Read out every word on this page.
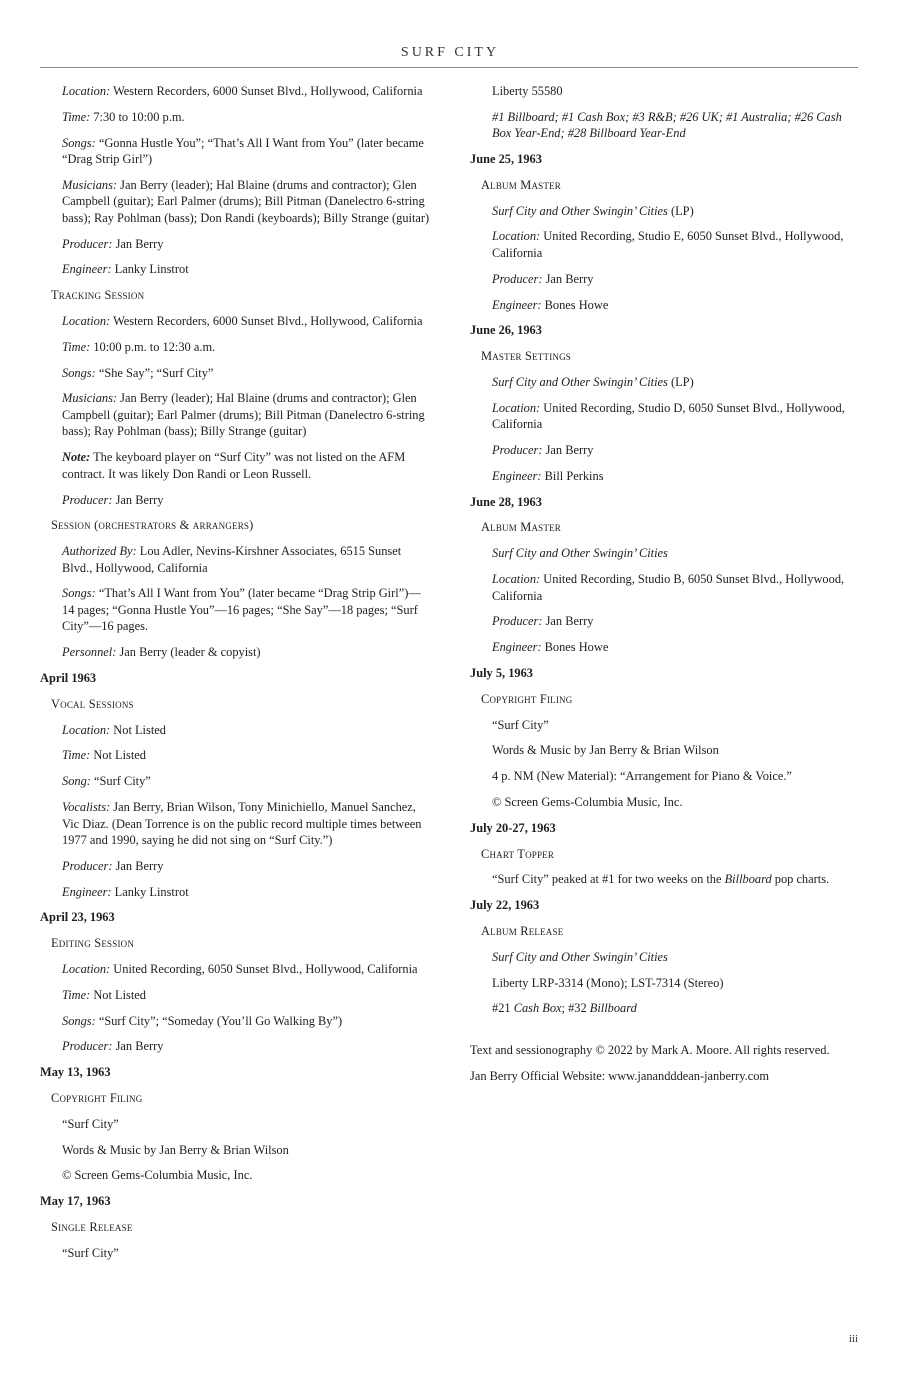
SURF CITY
Location: Western Recorders, 6000 Sunset Blvd., Hollywood, California
Time: 7:30 to 10:00 p.m.
Songs: “Gonna Hustle You”; “That’s All I Want from You” (later became “Drag Strip Girl”)
Musicians: Jan Berry (leader); Hal Blaine (drums and contractor); Glen Campbell (guitar); Earl Palmer (drums); Bill Pitman (Danelectro 6-string bass); Ray Pohlman (bass); Don Randi (keyboards); Billy Strange (guitar)
Producer: Jan Berry
Engineer: Lanky Linstrot
Tracking Session
Location: Western Recorders, 6000 Sunset Blvd., Hollywood, California
Time: 10:00 p.m. to 12:30 a.m.
Songs: “She Say”; “Surf City”
Musicians: Jan Berry (leader); Hal Blaine (drums and contractor); Glen Campbell (guitar); Earl Palmer (drums); Bill Pitman (Danelectro 6-string bass); Ray Pohlman (bass); Billy Strange (guitar)
Note: The keyboard player on “Surf City” was not listed on the AFM contract. It was likely Don Randi or Leon Russell.
Producer: Jan Berry
Session (orchestrators & arrangers)
Authorized By: Lou Adler, Nevins-Kirshner Associates, 6515 Sunset Blvd., Hollywood, California
Songs: “That’s All I Want from You” (later became “Drag Strip Girl”)—14 pages; “Gonna Hustle You”—16 pages; “She Say”—18 pages; “Surf City”—16 pages.
Personnel: Jan Berry (leader & copyist)
April 1963
Vocal Sessions
Location: Not Listed
Time: Not Listed
Song: “Surf City”
Vocalists: Jan Berry, Brian Wilson, Tony Minichiello, Manuel Sanchez, Vic Diaz. (Dean Torrence is on the public record multiple times between 1977 and 1990, saying he did not sing on “Surf City.”)
Producer: Jan Berry
Engineer: Lanky Linstrot
April 23, 1963
Editing Session
Location: United Recording, 6050 Sunset Blvd., Hollywood, California
Time: Not Listed
Songs: “Surf City”; “Someday (You’ll Go Walking By”)
Producer: Jan Berry
May 13, 1963
Copyright Filing
“Surf City”
Words & Music by Jan Berry & Brian Wilson
© Screen Gems-Columbia Music, Inc.
May 17, 1963
Single Release
“Surf City”
Liberty 55580
#1 Billboard; #1 Cash Box; #3 R&B; #26 UK; #1 Australia; #26 Cash Box Year-End; #28 Billboard Year-End
June 25, 1963
Album Master
Surf City and Other Swingin’ Cities (LP)
Location: United Recording, Studio E, 6050 Sunset Blvd., Hollywood, California
Producer: Jan Berry
Engineer: Bones Howe
June 26, 1963
Master Settings
Surf City and Other Swingin’ Cities (LP)
Location: United Recording, Studio D, 6050 Sunset Blvd., Hollywood, California
Producer: Jan Berry
Engineer: Bill Perkins
June 28, 1963
Album Master
Surf City and Other Swingin’ Cities
Location: United Recording, Studio B, 6050 Sunset Blvd., Hollywood, California
Producer: Jan Berry
Engineer: Bones Howe
July 5, 1963
Copyright Filing
“Surf City”
Words & Music by Jan Berry & Brian Wilson
4 p. NM (New Material): “Arrangement for Piano & Voice.”
© Screen Gems-Columbia Music, Inc.
July 20-27, 1963
Chart Topper
“Surf City” peaked at #1 for two weeks on the Billboard pop charts.
July 22, 1963
Album Release
Surf City and Other Swingin’ Cities
Liberty LRP-3314 (Mono); LST-7314 (Stereo)
#21 Cash Box; #32 Billboard
Text and sessionography © 2022 by Mark A. Moore. All rights reserved.
Jan Berry Official Website: www.janandddean-janberry.com
iii
